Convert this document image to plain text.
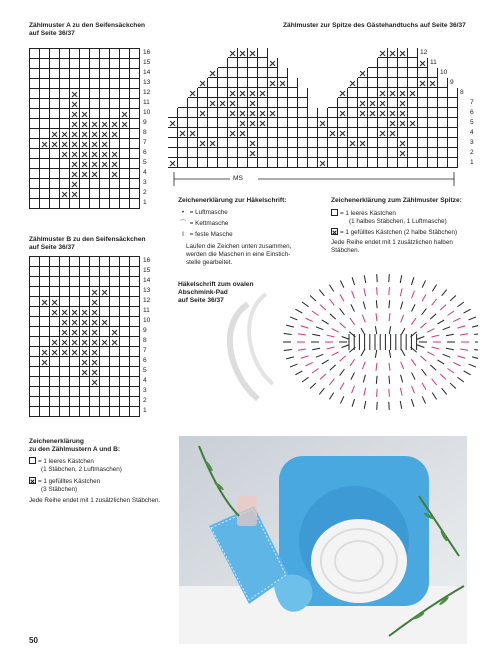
Zählmuster A zu den Seifensäckchen
auf Seite 36/37
16
15
14
13
12
11
10
9
8
7
6
5
4
3
2
1
Zählmuster B zu den Seifensäckchen
auf Seite 36/37
16
15
14
13
12
11
10
9
8
7
6
5
4
3
2
1
Zählmuster zur Spitze des Gästehandtuchs auf Seite 36/37
12
11
10
9
8
7
6
5
4
3
2
1
MS
Zeichenerklärung zur Häkelschrift:
• = Luftmasche
⌒ = Kettmasche
I = feste Masche
Laufen die Zeichen unten zusammen,
werden die Maschen in eine Einstich-
stelle gearbeitet.
Zeichenerklärung zum Zählmuster Spitze:
= 1 leeres Kästchen
(1 halbes Stäbchen, 1 Luftmasche)
= 1 gefülltes Kästchen (2 halbe Stäbchen)
Jede Reihe endet mit 1 zusätzlichen halben
Stäbchen.
Häkelschrift zum ovalen
Abschmink-Pad
auf Seite 36/37
Zeichenerklärung
zu den Zählmustern A und B:
= 1 leeres Kästchen
(1 Stäbchen, 2 Luftmaschen)
= 1 gefülltes Kästchen
(3 Stäbchen)
Jede Reihe endet mit 1 zusätzlichen Stäbchen.
50
